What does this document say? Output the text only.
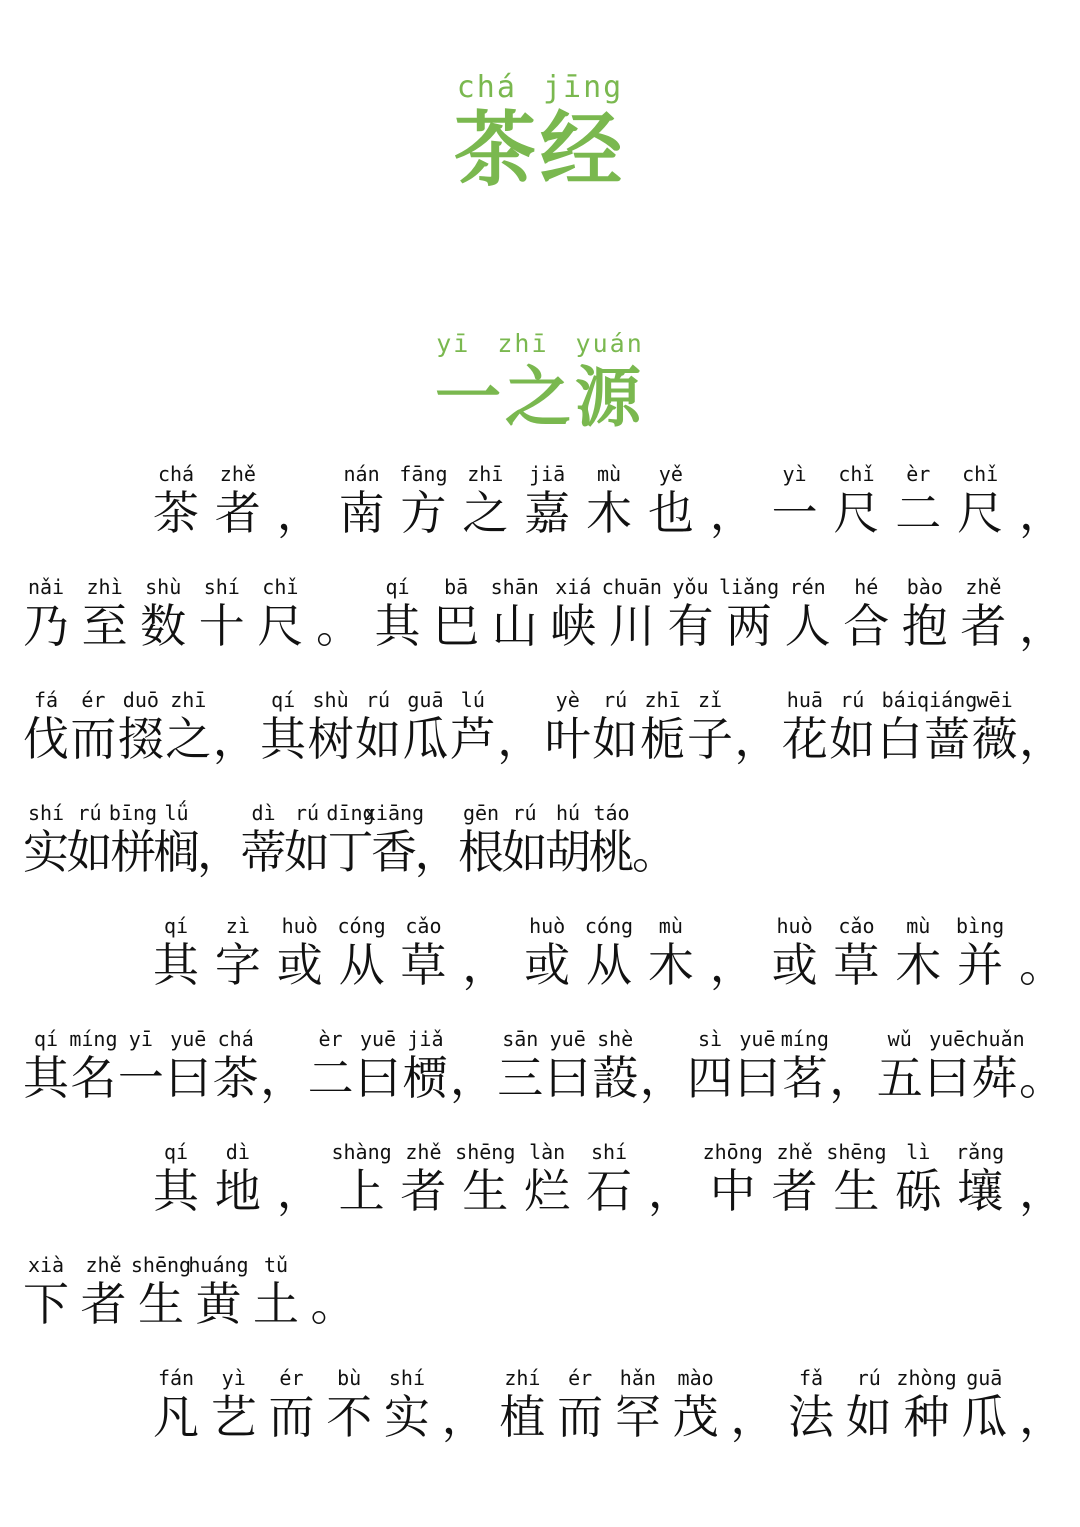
chá jīng
茶经
yī zhī yuán
一之源
chá
茶
zhě
者 ，
nán
南
fāng
方
zhī
之
jiā
嘉
mù
木
yě
也 ，
yì
一
chǐ
尺
èr
二
chǐ
尺 ，
nǎi
乃
zhì
至
shù
数
shí
十
chǐ
尺 。
qí
其
bā
巴
shān
山
xiá
峡
chuān
川
yǒu
有
liǎng
两
rén
人
hé
合
bào
抱
zhě
者 ，
fá
伐
ér
而
duō
掇
zhī
之 ，
qí
其
shù
树
rú
如
guā
瓜
lú
芦 ，
yè
叶
rú
如
zhī
栀
zǐ
子 ，
huā
花
rú
如
bái
白
qiáng
蔷
wēi
薇 ，
shí
实
rú
如
bīng
栟
lǘ
榈
，
dì
蒂
rú
如
dīng
丁
xiāng
香
，
gēn
根
rú
如
hú
胡
táo
桃
。
qí
其
zì
字
huò
或
cóng
从
cǎo
草 ，
huò
或
cóng
从
mù
木 ，
huò
或
cǎo
草
mù
木
bìng
并 。
qí
其
míng
名
yī
一
yuē
曰
chá
茶 ，
èr
二
yuē
曰
jiǎ
槚 ，
sān
三
yuē
曰
shè
蔎 ，
sì
四
yuē
曰
míng
茗 ，
wǔ
五
yuē
曰
chuǎn
荈 。
qí
其
dì
地 ，
shàng
上
zhě
者
shēng
生
làn
烂
shí
石 ，
zhōng
中
zhě
者
shēng
生
lì
砾
rǎng
壤 ，
xià
下
zhě
者
shēng
生
huáng
黄
tǔ
土 。
fán
凡
yì
艺
ér
而
bù
不
shí
实 ，
zhí
植
ér
而
hǎn
罕
mào
茂 ，
fǎ
法
rú
如
zhòng
种
guā
瓜 ，
